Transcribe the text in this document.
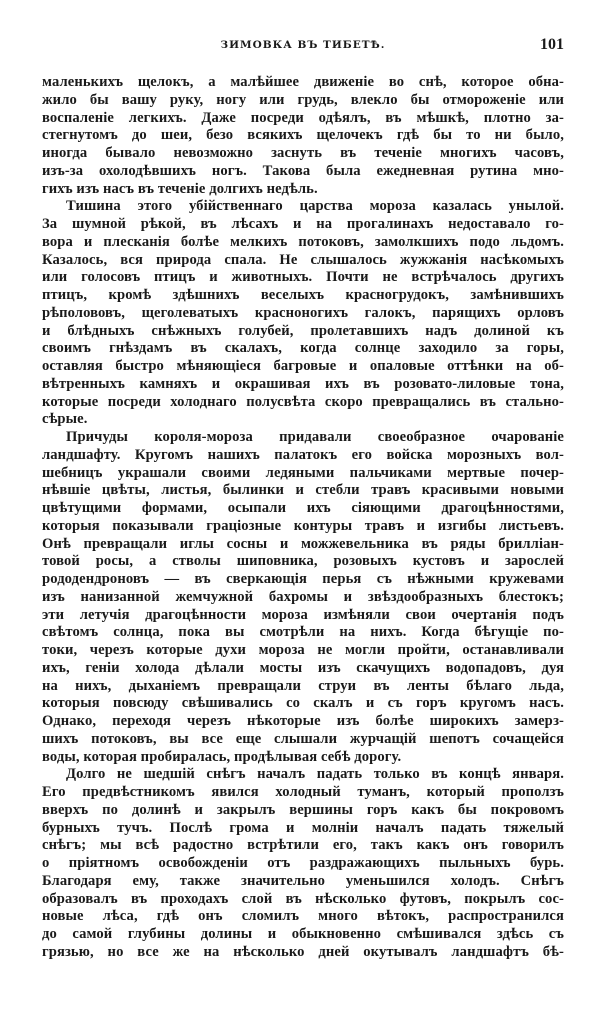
ЗИМОВКА ВЪ ТИБЕТѢ.	101
маленькихъ щелокъ, а малѣйшее движеніе во снѣ, которое обна-
жило бы вашу руку, ногу или грудь, влекло бы отмороженіе или
воспаленіе легкихъ. Даже посреди одѣялъ, въ мѣшкѣ, плотно за-
стегнутомъ до шеи, безо всякихъ щелочекъ гдѣ бы то ни было,
иногда бывало невозможно заснуть въ теченіе многихъ часовъ,
изъ-за охолодѣвшихъ ногъ. Такова была ежедневная рутина мно-
гихъ изъ насъ въ теченіе долгихъ недѣль.
Тишина этого убійственнаго царства мороза казалась унылой.
За шумной рѣкой, въ лѣсахъ и на прогалинахъ недоставало го-
вора и плесканія болѣе мелкихъ потоковъ, замолкшихъ подо льдомъ.
Казалось, вся природа спала. Не слышалось жужжанія насѣкомыхъ
или голосовъ птицъ и животныхъ. Почти не встрѣчалось другихъ
птицъ, кромѣ здѣшнихъ веселыхъ красногрудокъ, замѣнившихъ
рѣполововъ, щеголеватыхъ красноногихъ галокъ, парящихъ орловъ
и блѣдныхъ снѣжныхъ голубей, пролетавшихъ надъ долиной къ
своимъ гнѣздамъ въ скалахъ, когда солнце заходило за горы,
оставляя быстро мѣняющіеся багровые и опаловые оттѣнки на об-
вѣтренныхъ камняхъ и окрашивая ихъ въ розовато-лиловые тона,
которые посреди холоднаго полусвѣта скоро превращались въ стально-
сѣрые.
Причуды короля-мороза придавали своеобразное очарованіе
ландшафту. Кругомъ нашихъ палатокъ его войска морозныхъ вол-
шебницъ украшали своими ледяными пальчиками мертвые почер-
нѣвшіе цвѣты, листья, былинки и стебли травъ красивыми новыми
цвѣтущими формами, осыпали ихъ сіяющими драгоцѣнностями,
которыя показывали граціозные контуры травъ и изгибы листьевъ.
Онѣ превращали иглы сосны и можжевельника въ ряды брилліан-
товой росы, а стволы шиповника, розовыхъ кустовъ и зарослей
рододендроновъ — въ сверкающія перья съ нѣжными кружевами
изъ нанизанной жемчужной бахромы и звѣздообразныхъ блестокъ;
эти летучія драгоцѣнности мороза измѣняли свои очертанія подъ
свѣтомъ солнца, пока вы смотрѣли на нихъ. Когда бѣгущіе по-
токи, черезъ которые духи мороза не могли пройти, останавливали
ихъ, геніи холода дѣлали мосты изъ скачущихъ водопадовъ, дуя
на нихъ, дыханіемъ превращали струи въ ленты бѣлаго льда,
которыя повсюду свѣшивались со скалъ и съ горъ кругомъ насъ.
Однако, переходя черезъ нѣкоторые изъ болѣе широкихъ замерз-
шихъ потоковъ, вы все еще слышали журчащій шепотъ сочащейся
воды, которая пробиралась, продѣлывая себѣ дорогу.
Долго не шедшій снѣгъ началъ падать только въ концѣ января.
Его предвѣстникомъ явился холодный туманъ, который проползъ
вверхъ по долинѣ и закрылъ вершины горъ какъ бы покровомъ
бурныхъ тучъ. Послѣ грома и молніи началъ падать тяжелый
снѣгъ; мы всѣ радостно встрѣтили его, такъ какъ онъ говорилъ
о пріятномъ освобожденіи отъ раздражающихъ пыльныхъ бурь.
Благодаря ему, также значительно уменьшился холодъ. Снѣгъ
образовалъ въ проходахъ слой въ нѣсколько футовъ, покрылъ сос-
новые лѣса, гдѣ онъ сломилъ много вѣтокъ, распространился
до самой глубины долины и обыкновенно смѣшивался здѣсь съ
грязью, но все же на нѣсколько дней окутывалъ ландшафтъ бѣ-
